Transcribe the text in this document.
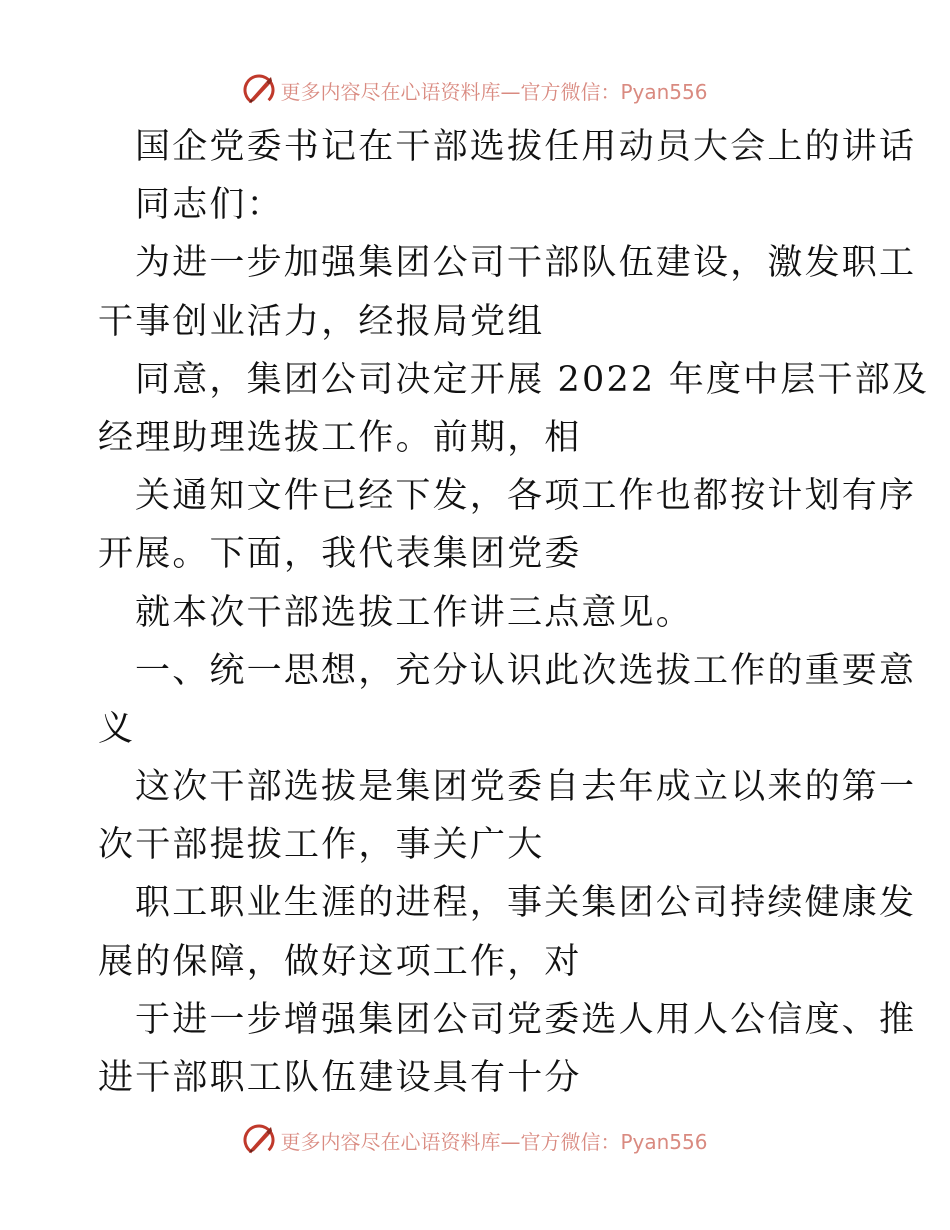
更多内容尽在心语资料库—官方微信：Pyan556
国企党委书记在干部选拔任用动员大会上的讲话
同志们：
为进一步加强集团公司干部队伍建设，激发职工
干事创业活力，经报局党组
同意，集团公司决定开展 2022 年度中层干部及
经理助理选拔工作。前期，相
关通知文件已经下发，各项工作也都按计划有序
开展。下面，我代表集团党委
就本次干部选拔工作讲三点意见。
一、统一思想，充分认识此次选拔工作的重要意
义
这次干部选拔是集团党委自去年成立以来的第一
次干部提拔工作，事关广大
职工职业生涯的进程，事关集团公司持续健康发
展的保障，做好这项工作，对
于进一步增强集团公司党委选人用人公信度、推
进干部职工队伍建设具有十分
更多内容尽在心语资料库—官方微信：Pyan556
